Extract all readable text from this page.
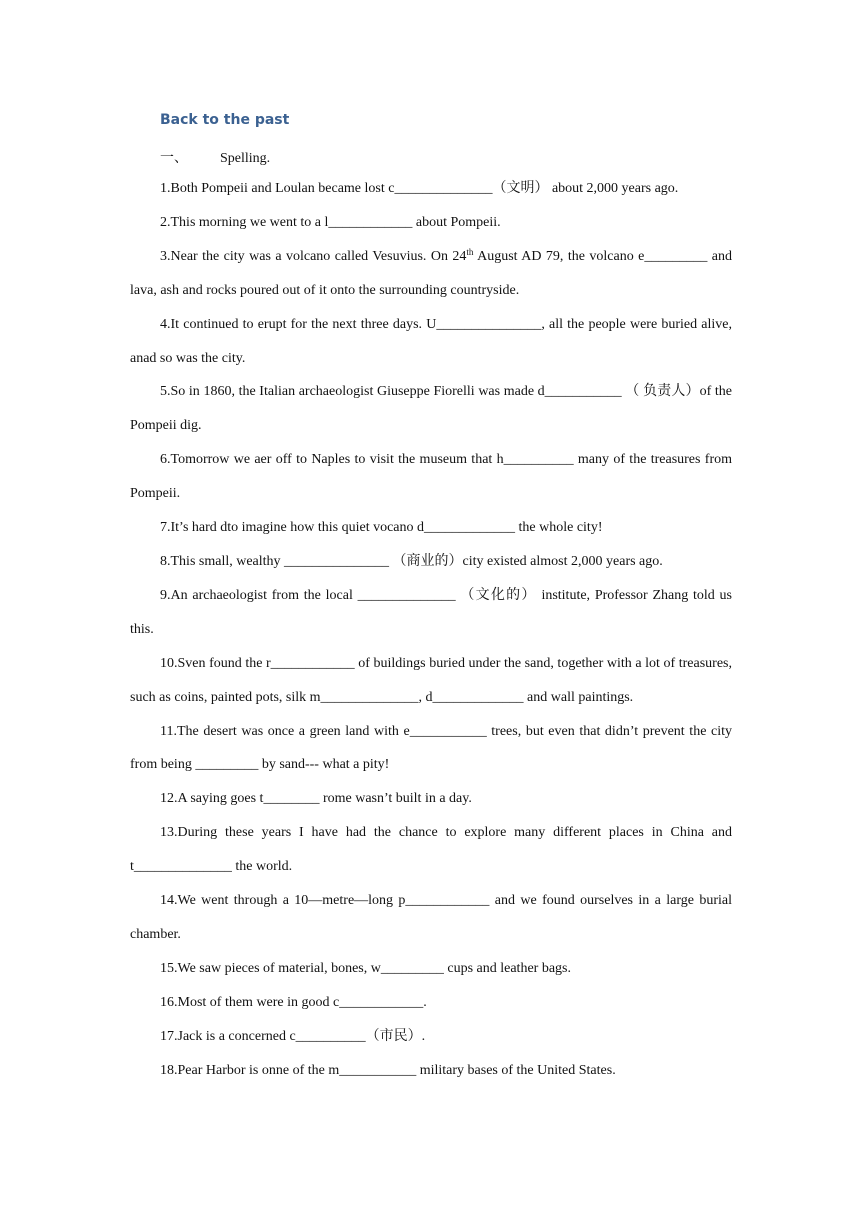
Back to the past
一、 Spelling.

1.Both Pompeii and Loulan became lost c______________（文明） about 2,000 years ago.

2.This morning we went to a l____________ about Pompeii.

3.Near the city was a volcano called Vesuvius. On 24th August AD 79, the volcano e_________ and lava, ash and rocks poured out of it onto the surrounding countryside.

4.It continued to erupt for the next three days. U_______________, all the people were buried alive, anad so was the city.

5.So in 1860, the Italian archaeologist Giuseppe Fiorelli was made d___________ （ 负责人）of the Pompeii dig.

6.Tomorrow we aer off to Naples to visit the museum that h__________ many of the treasures from Pompeii.

7.It’s hard dto imagine how this quiet vocano d_____________ the whole city!

8.This small, wealthy _______________ （商业的）city existed almost 2,000 years ago.

9.An archaeologist from the local ______________ （文化的） institute, Professor Zhang told us this.

10.Sven found the r____________ of buildings buried under the sand, together with a lot of treasures, such as coins, painted pots, silk m______________, d_____________ and wall paintings.

11.The desert was once a green land with e___________ trees, but even that didn’t prevent the city from being _________ by sand--- what a pity!

12.A saying goes t________ rome wasn’t built in a day.

13.During these years I have had the chance to explore many different places in China and t______________ the world.

14.We went through a 10—metre—long p____________ and we found ourselves in a large burial chamber.

15.We saw pieces of material, bones, w_________ cups and leather bags.

16.Most of them were in good c____________.

17.Jack is a concerned c__________（市民）.

18.Pear Harbor is onne of the m___________ military bases of the United States.
